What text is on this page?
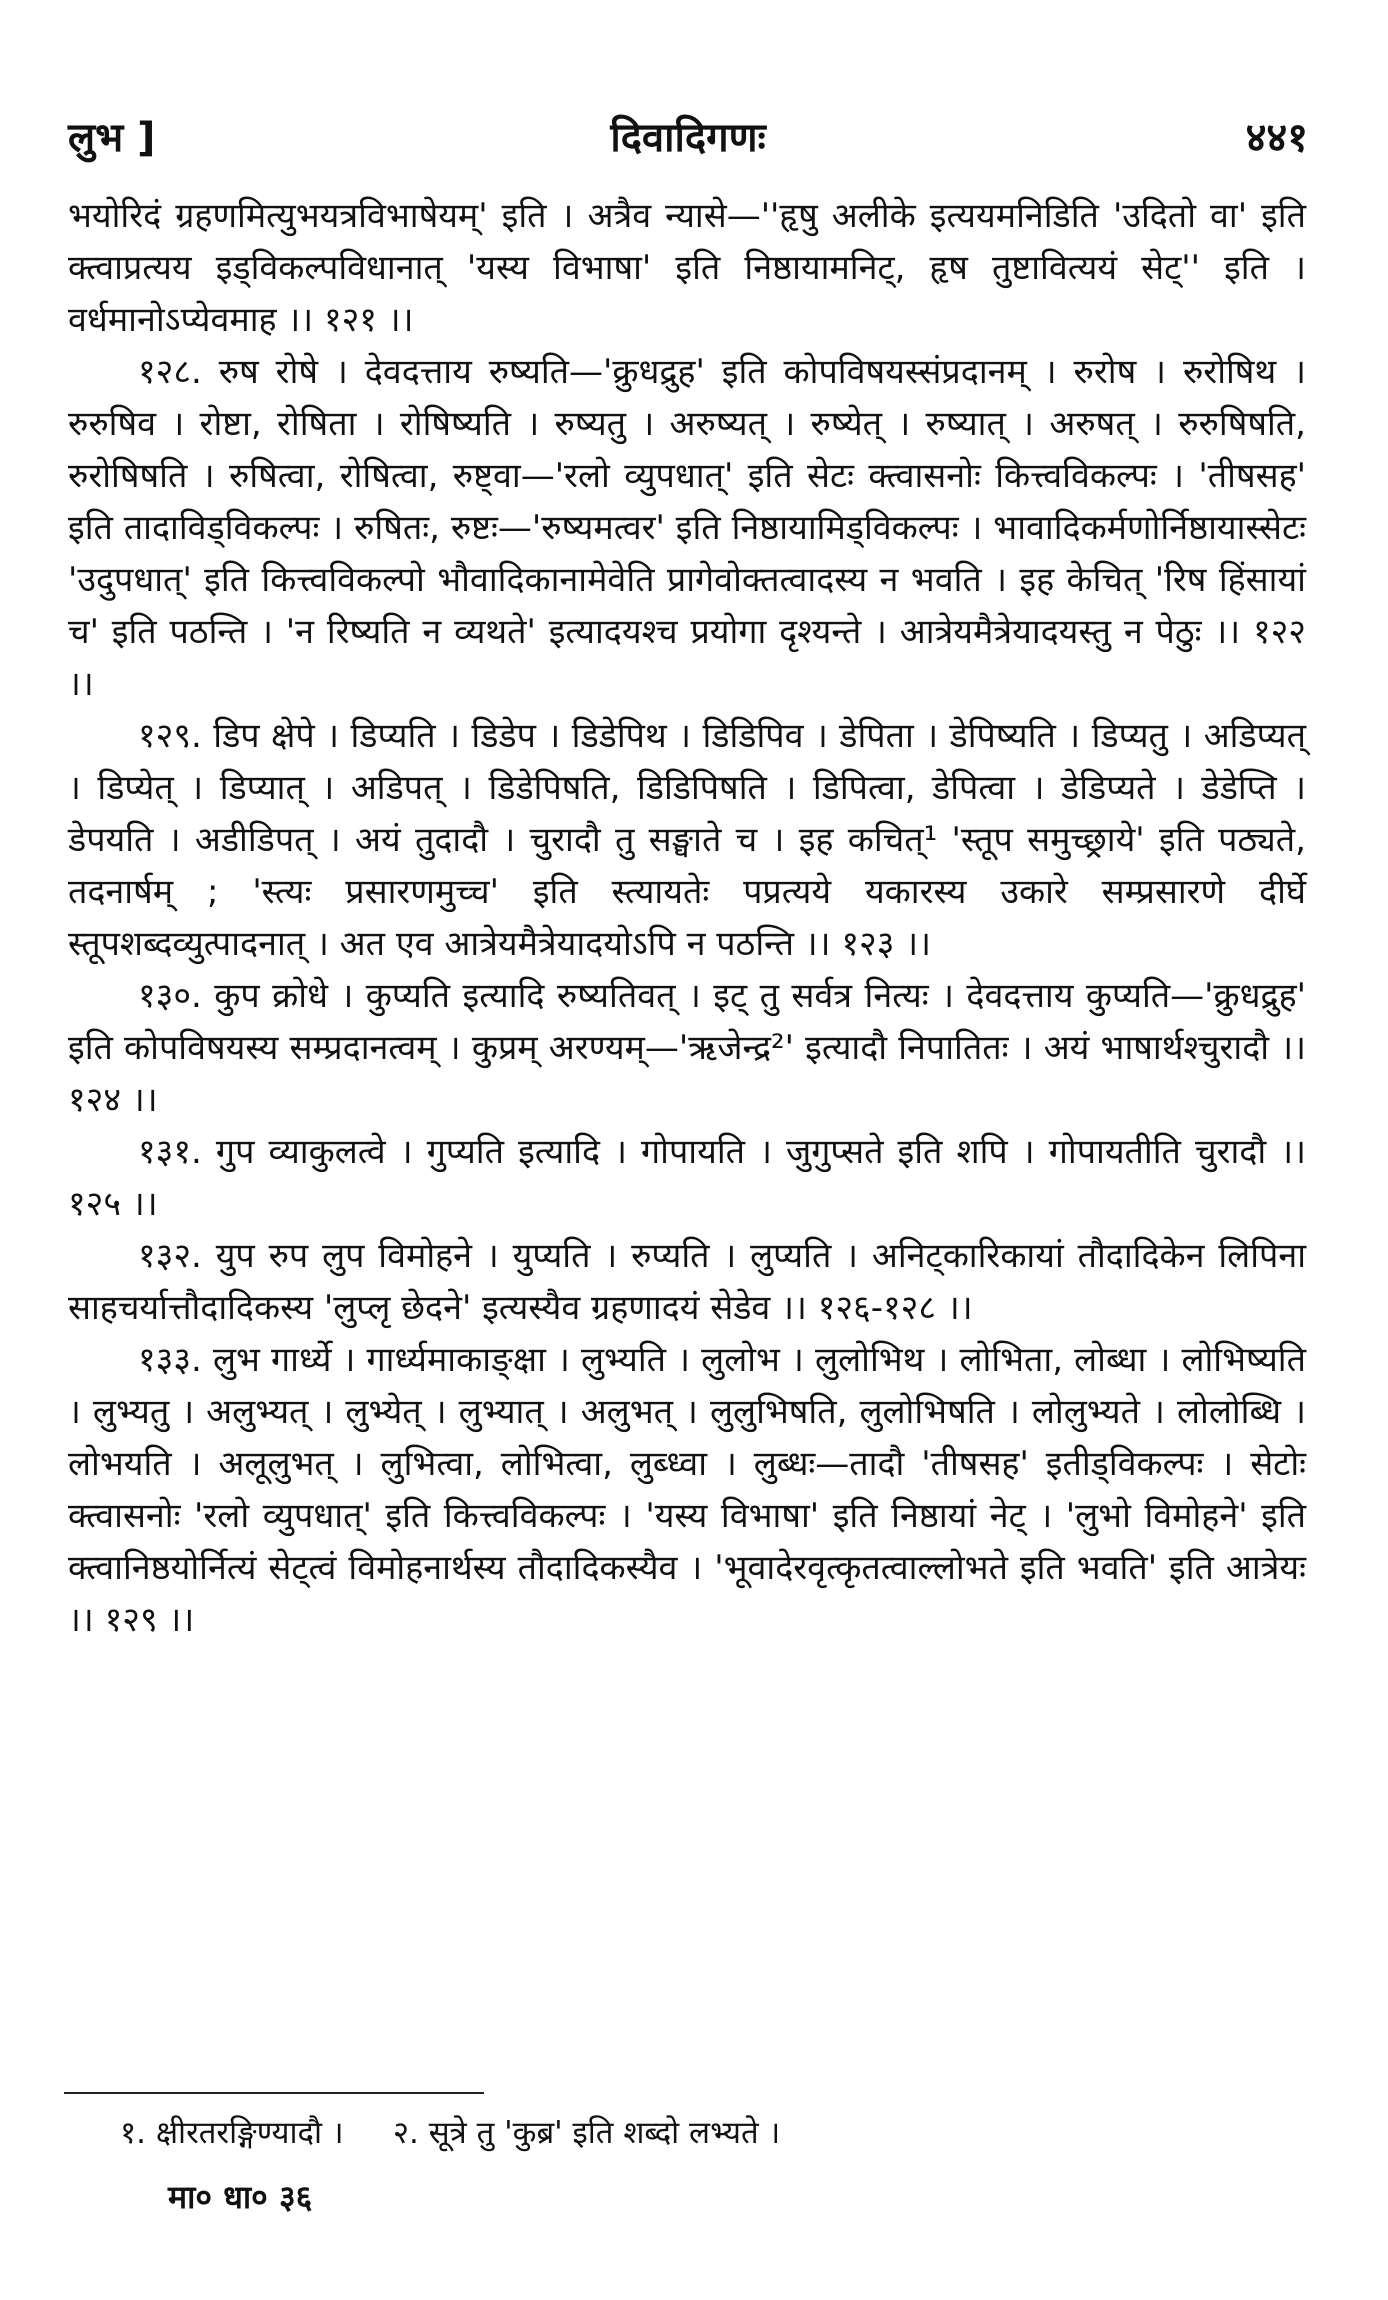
लुभ ]	दिवादिगणः	४४१

भयोरिदं ग्रहणमित्युभयत्रविभाषेयम्' इति । अत्रैव न्यासे—''हृषु अलीके इत्ययमनिडिति 'उदितो वा' इति क्त्वाप्रत्यय इड्विकल्पविधानात् 'यस्य विभाषा' इति निष्ठायामनिट्, हृष तुष्टावित्ययं सेट्'' इति । वर्धमानोऽप्येवमाह ।। १२१ ।।

१२८. रुष रोषे । देवदत्ताय रुष्यति—'क्रुधद्रुह' इति कोपविषयस्संप्रदानम् । रुरोष । रुरोषिथ । रुरुषिव । रोष्टा, रोषिता । रोषिष्यति । रुष्यतु । अरुष्यत् । रुष्येत् । रुष्यात् । अरुषत् । रुरुषिषति, रुरोषिषति । रुषित्वा, रोषित्वा, रुष्ट्वा—'रलो व्युपधात्' इति सेटः क्त्वासनोः कित्त्वविकल्पः । 'तीषसह' इति तादाविड्विकल्पः । रुषितः, रुष्टः—'रुष्यमत्वर' इति निष्ठायामिड्विकल्पः । भावादिकर्मणोर्निष्ठायास्सेटः 'उदुपधात्' इति कित्त्वविकल्पो भौवादिकानामेवेति प्रागेवोक्तत्वादस्य न भवति । इह केचित् 'रिष हिंसायां च' इति पठन्ति । 'न रिष्यति न व्यथते' इत्यादयश्च प्रयोगा दृश्यन्ते । आत्रेयमैत्रेयादयस्तु न पेठुः ।। १२२ ।।

१२९. डिप क्षेपे । डिप्यति । डिडेप । डिडेपिथ । डिडिपिव । डेपिता । डेपिष्यति । डिप्यतु । अडिप्यत् । डिप्येत् । डिप्यात् । अडिपत् । डिडेपिषति, डिडिपिषति । डिपित्वा, डेपित्वा । डेडिप्यते । डेडेप्ति । डेपयति । अडीडिपत् । अयं तुदादौ । चुरादौ तु सङ्घाते च । इह कचित्¹ 'स्तूप समुच्छ्राये' इति पठ्यते, तदनार्षम् ; 'स्त्यः प्रसारणमुच्च' इति स्त्यायतेः पप्रत्यये यकारस्य उकारे सम्प्रसारणे दीर्घे स्तूपशब्दव्युत्पादनात् । अत एव आत्रेयमैत्रेयादयोऽपि न पठन्ति ।। १२३ ।।

१३०. कुप क्रोधे । कुप्यति इत्यादि रुष्यतिवत् । इट् तु सर्वत्र नित्यः । देवदत्ताय कुप्यति—'क्रुधद्रुह' इति कोपविषयस्य सम्प्रदानत्वम् । कुप्रम् अरण्यम्—'ऋजेन्द्र²' इत्यादौ निपातितः । अयं भाषार्थश्चुरादौ ।। १२४ ।।

१३१. गुप व्याकुलत्वे । गुप्यति इत्यादि । गोपायति । जुगुप्सते इति शपि । गोपायतीति चुरादौ ।। १२५ ।।

१३२. युप रुप लुप विमोहने । युप्यति । रुप्यति । लुप्यति । अनिट्कारिकायां तौदादिकेन लिपिना साहचर्यात्तौदादिकस्य 'लुप्लृ छेदने' इत्यस्यैव ग्रहणादयं सेडेव ।। १२६-१२८ ।।

१३३. लुभ गार्ध्ये । गार्ध्यमाकाङ्क्षा । लुभ्यति । लुलोभ । लुलोभिथ । लोभिता, लोब्धा । लोभिष्यति । लुभ्यतु । अलुभ्यत् । लुभ्येत् । लुभ्यात् । अलुभत् । लुलुभिषति, लुलोभिषति । लोलुभ्यते । लोलोब्धि । लोभयति । अलूलुभत् । लुभित्वा, लोभित्वा, लुब्ध्वा । लुब्धः—तादौ 'तीषसह' इतीड्विकल्पः । सेटोः क्त्वासनोः 'रलो व्युपधात्' इति कित्त्वविकल्पः । 'यस्य विभाषा' इति निष्ठायां नेट् । 'लुभो विमोहने' इति क्त्वानिष्ठयोर्नित्यं सेट्त्वं विमोहनार्थस्य तौदादिकस्यैव । 'भूवादेरवृत्कृतत्वाल्लोभते इति भवति' इति आत्रेयः ।। १२९ ।।

१. क्षीरतरङ्गिण्यादौ ।     २. सूत्रे तु 'कुब्र' इति शब्दो लभ्यते ।
मा० धा० ३६
